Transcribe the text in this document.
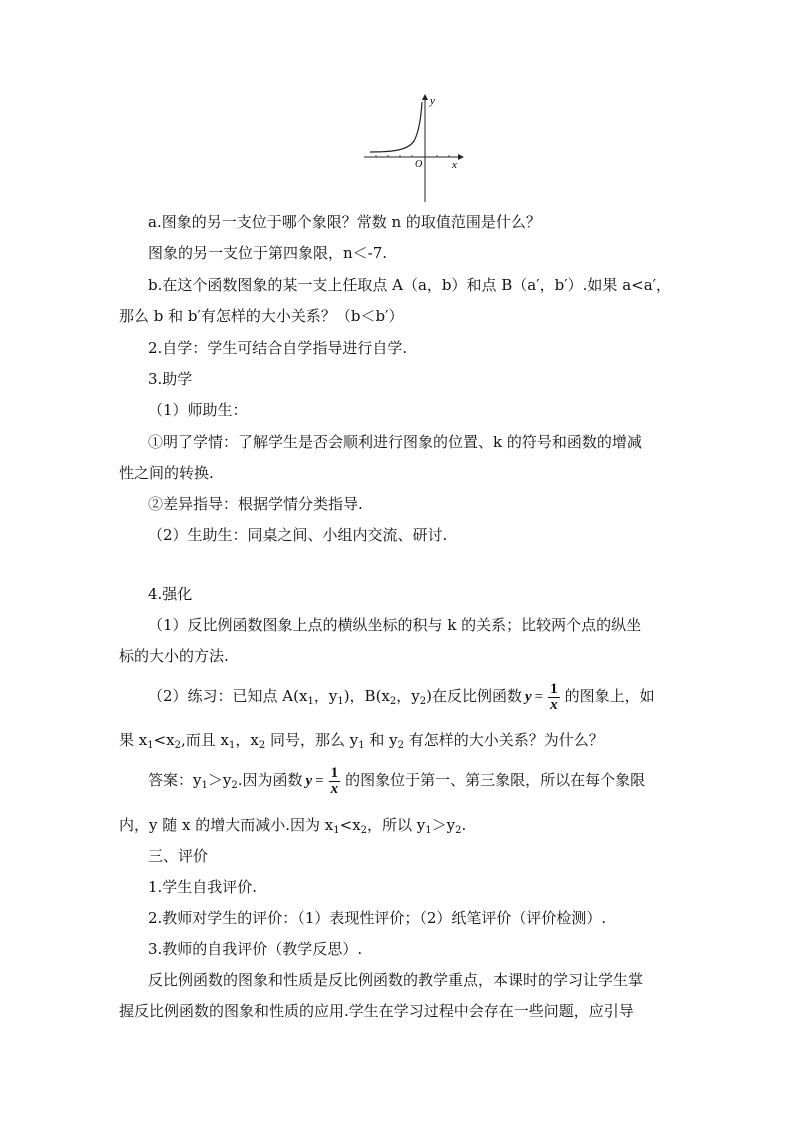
y
x
O
a.图象的另一支位于哪个象限？常数 n 的取值范围是什么？
图象的另一支位于第四象限，n＜-7.
b.在这个函数图象的某一支上任取点 A（a，b）和点 B（a′，b′）.如果 a<a′，
那么 b 和 b′有怎样的大小关系？（b＜b′）
2.自学：学生可结合自学指导进行自学.
3.助学
（1）师助生：
①明了学情：了解学生是否会顺利进行图象的位置、k 的符号和函数的增减
性之间的转换.
②差异指导：根据学情分类指导.
（2）生助生：同桌之间、小组内交流、研讨.
4.强化
（1）反比例函数图象上点的横纵坐标的积与 k 的关系；比较两个点的纵坐
标的大小的方法.
（2）练习：已知点 $A(x_1$，$y_1$)，$B(x_2$，$y_2$)在反比例函数 $y = \frac{1}{x}$ 的图象上，如
果 $x_1<x_2$,而且 $x_1$，$x_2$ 同号，那么 $y_1$ 和 $y_2$ 有怎样的大小关系？为什么？
答案：$y_1>y_2$.因为函数 $y = \frac{1}{x}$ 的图象位于第一、第三象限，所以在每个象限
内，y 随 x 的增大而减小.因为 $x_1<x_2$，所以 $y_1>y_2$.
三、评价
1.学生自我评价.
2.教师对学生的评价：（1）表现性评价；（2）纸笔评价（评价检测）.
3.教师的自我评价（教学反思）.
反比例函数的图象和性质是反比例函数的教学重点，本课时的学习让学生掌
握反比例函数的图象和性质的应用.学生在学习过程中会存在一些问题，应引导
